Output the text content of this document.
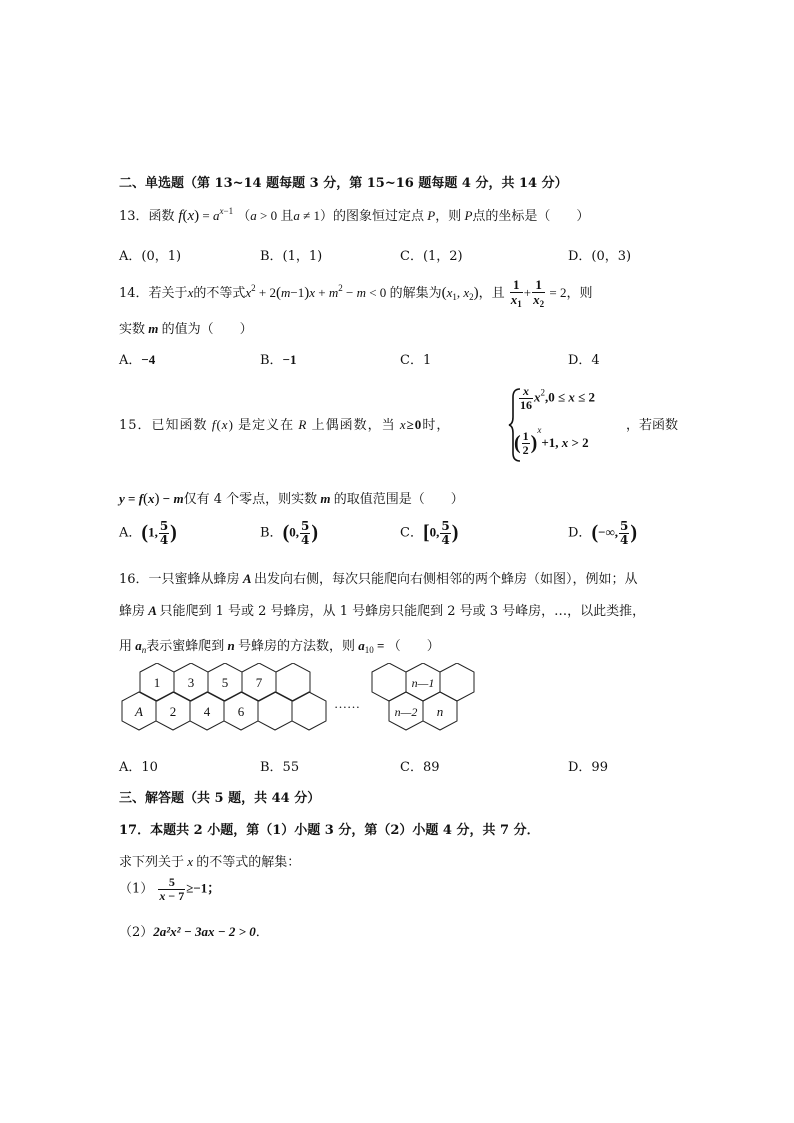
二、单选题（第 13~14 题每题 3 分，第 15~16 题每题 4 分，共 14 分）
13．函数 $f(x) = a^{x-1}$ （a > 0 且a ≠ 1）的图象恒过定点 P，则 P点的坐标是（　　）
A．(0，1)	B．(1，1)	C．(1，2)	D．(0，3)
14．若关于x的不等式$x^2 + 2(m-1)x + m^2 - m < 0$ 的解集为($x_1$, $x_2$)，且 $\frac{1}{x_1} + \frac{1}{x_2} = 2$，则
实数 m 的值为（　　）
A．−4	B．−1	C．1	D．4
15．已知函数 f(x) 是定义在 R 上偶函数，当 x≥0时，
$\frac{x}{16} x^2,0 \le x \le 2$
( $\frac{1}{2} )^x+1$, x > 2
，若函数
y = f(x) − m仅有 4 个零点，则实数 m 的取值范围是（　　）
A．(1, $\frac{5}{4}$ )	B．(0, $\frac{5}{4}$ )	C．[0, $\frac{5}{4}$ )	D．(−∞, $\frac{5}{4}$ )
16．一只蜜蜂从蜂房 A 出发向右侧，每次只能爬向右侧相邻的两个蜂房（如图），例如；从
蜂房 A 只能爬到 1 号或 2 号蜂房，从 1 号蜂房只能爬到 2 号或 3 号峰房，…，以此类推，
用 $a_n$表示蜜蜂爬到 n 号蜂房的方法数，则 $a_{10}$ = （　　）
1 3 5 7
A 2 4 6
……
n—1
n—2 n
A．10	B．55	C．89	D．99
三、解答题（共 5 题，共 44 分）
17．本题共 2 小题，第（1）小题 3 分，第（2）小题 4 分，共 7 分．
求下列关于 x 的不等式的解集：
$(1) \frac{5}{x - 7} \ge-1$；
（2）2a²x² − 3ax − 2 > 0．
